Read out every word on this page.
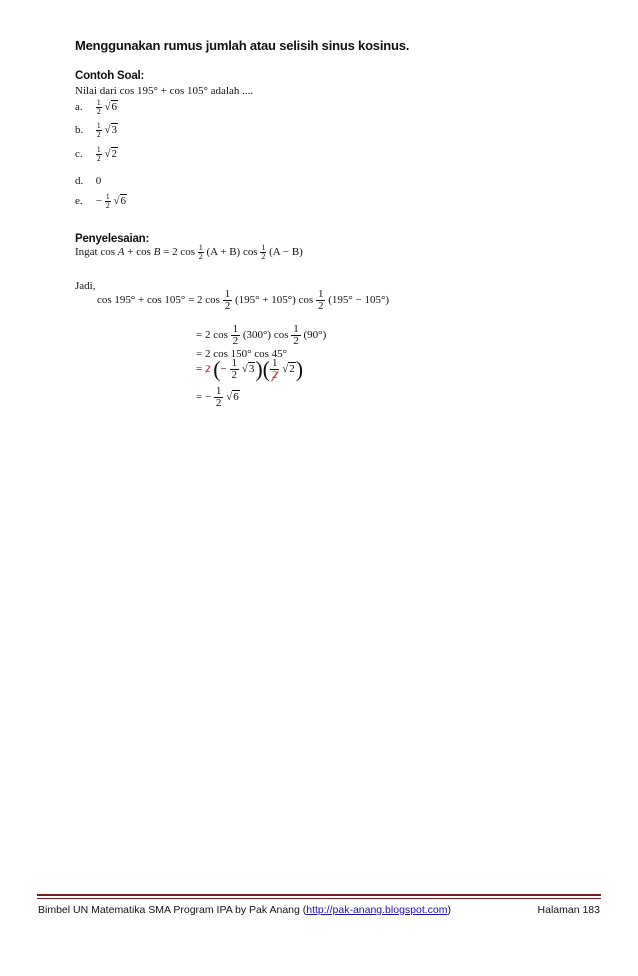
Menggunakan rumus jumlah atau selisih sinus kosinus.
Contoh Soal:
Nilai dari cos 195° + cos 105° adalah ....
a. $\frac{1}{2} √6$
b. $\frac{1}{2} √3$
c. $\frac{1}{2} √2$
d. 0
e. − $\frac{1}{2} √6$
Penyelesaian:
Ingat cos A + cos B = 2 $\cos \frac{1}{2} (A + B)$ $\cos \frac{1}{2} (A - B)$
Jadi,
cos 195° + cos 105° = 2 $\cos \frac{1}{2} (195^\circ + 105^\circ)$ $\cos \frac{1}{2} (195^\circ - 105^\circ)$
= 2 $\cos \frac{1}{2} (300^\circ)$ $\cos \frac{1}{2} (90^\circ)$
= 2 cos 150° cos 45°
= 2 (− $\frac{1}{2} √3)( \frac{1}{2} √2)$
= − $\frac{1}{2} √6$
Bimbel UN Matematika SMA Program IPA by Pak Anang (http://pak-anang.blogspot.com)	Halaman 183
